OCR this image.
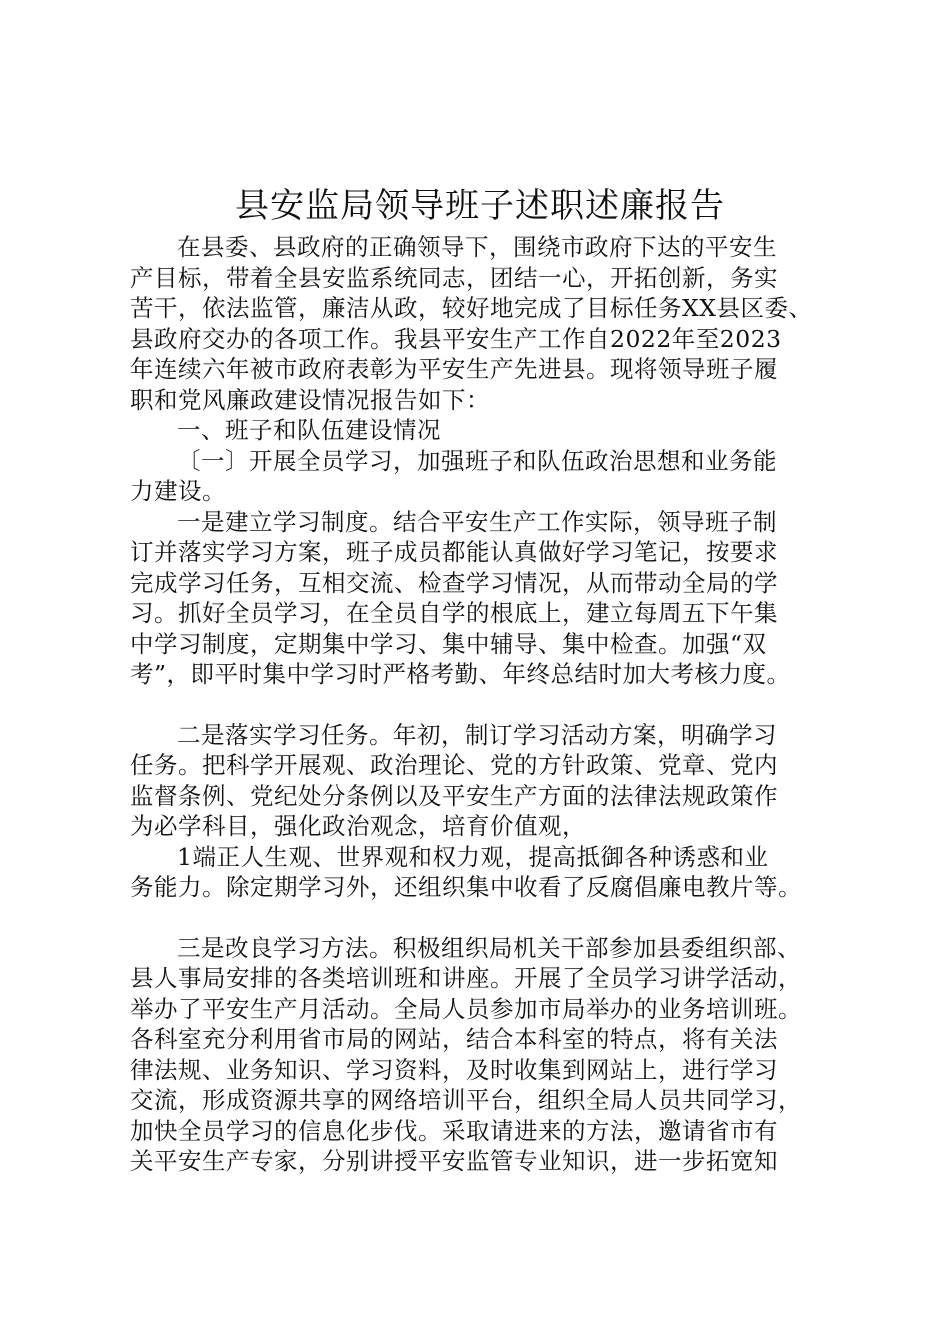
县安监局领导班子述职述廉报告
在县委、县政府的正确领导下，围绕市政府下达的平安生
产目标，带着全县安监系统同志，团结一心，开拓创新，务实
苦干，依法监管，廉洁从政，较好地完成了目标任务XX县区委、
县政府交办的各项工作。我县平安生产工作自2022年至2023
年连续六年被市政府表彰为平安生产先进县。现将领导班子履
职和党风廉政建设情况报告如下：
一、班子和队伍建设情况
〔一〕开展全员学习，加强班子和队伍政治思想和业务能
力建设。
一是建立学习制度。结合平安生产工作实际，领导班子制
订并落实学习方案，班子成员都能认真做好学习笔记，按要求
完成学习任务，互相交流、检查学习情况，从而带动全局的学
习。抓好全员学习，在全员自学的根底上，建立每周五下午集
中学习制度，定期集中学习、集中辅导、集中检查。加强“双
考”，即平时集中学习时严格考勤、年终总结时加大考核力度。
二是落实学习任务。年初，制订学习活动方案，明确学习
任务。把科学开展观、政治理论、党的方针政策、党章、党内
监督条例、党纪处分条例以及平安生产方面的法律法规政策作
为必学科目，强化政治观念，培育价值观，
1端正人生观、世界观和权力观，提高抵御各种诱惑和业
务能力。除定期学习外，还组织集中收看了反腐倡廉电教片等。
三是改良学习方法。积极组织局机关干部参加县委组织部、
县人事局安排的各类培训班和讲座。开展了全员学习讲学活动，
举办了平安生产月活动。全局人员参加市局举办的业务培训班。
各科室充分利用省市局的网站，结合本科室的特点，将有关法
律法规、业务知识、学习资料，及时收集到网站上，进行学习
交流，形成资源共享的网络培训平台，组织全局人员共同学习，
加快全员学习的信息化步伐。采取请进来的方法，邀请省市有
关平安生产专家，分别讲授平安监管专业知识，进一步拓宽知
